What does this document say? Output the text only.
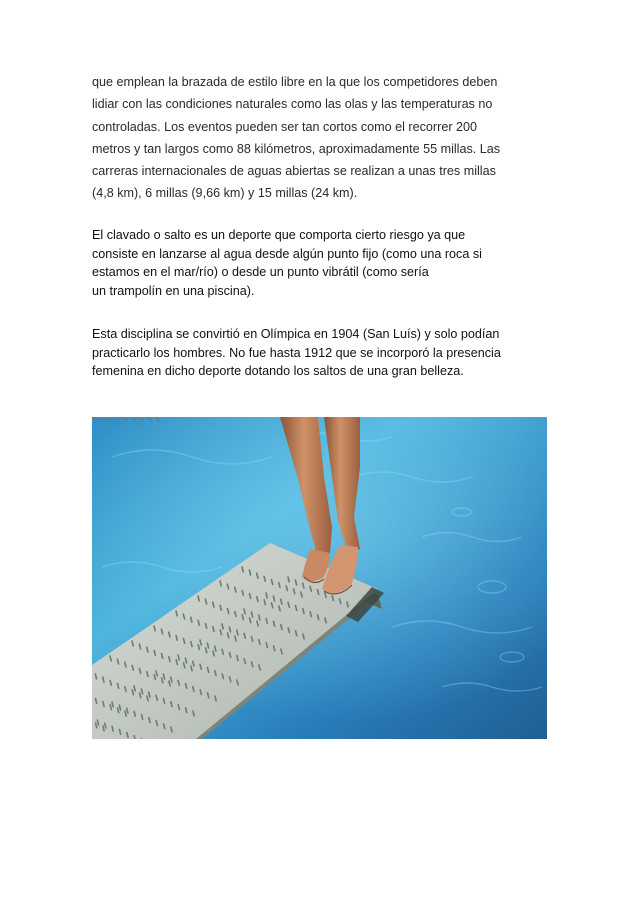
que emplean la brazada de estilo libre en la que los competidores deben
lidiar con las condiciones naturales como las olas y las temperaturas no
controladas. Los eventos pueden ser tan cortos como el recorrer 200
metros y tan largos como 88 kilómetros, aproximadamente 55 millas. Las
carreras internacionales de aguas abiertas se realizan a unas tres millas
(4,8 km), 6 millas (9,66 km) y 15 millas (24 km).

El clavado o salto es un deporte que comporta cierto riesgo ya que
consiste en lanzarse al agua desde algún punto fijo (como una roca si
estamos en el mar/río) o desde un punto vibrátil (como sería
un trampolín en una piscina).

Esta disciplina se convirtió en Olímpica en 1904 (San Luís) y solo podían
practicarlo los hombres. No fue hasta 1912 que se incorporó la presencia
femenina en dicho deporte dotando los saltos de una gran belleza.
